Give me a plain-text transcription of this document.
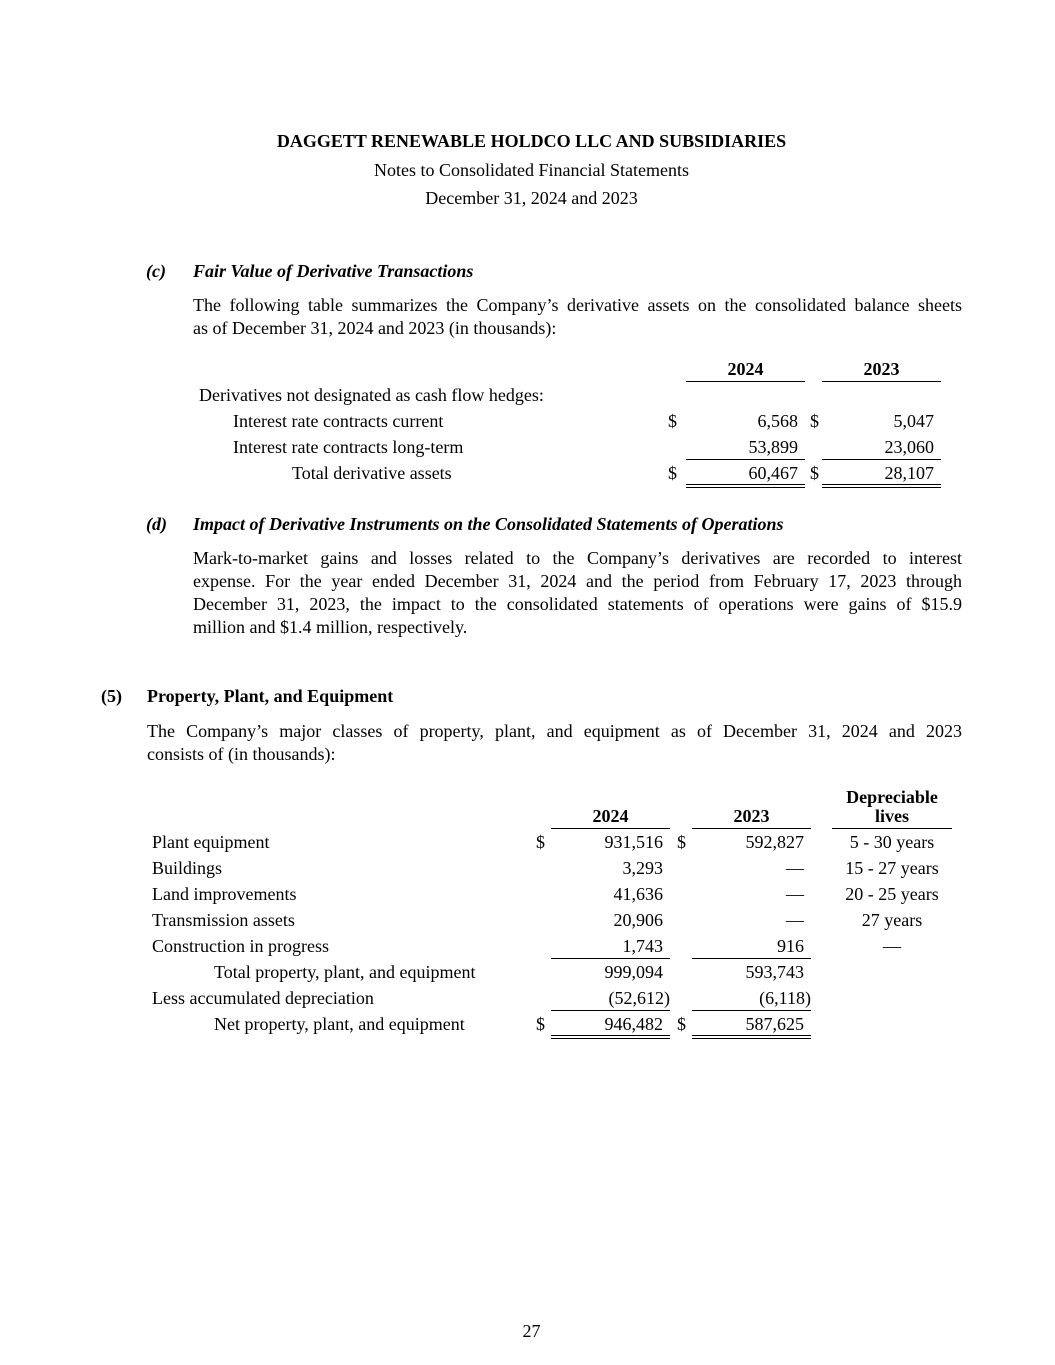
DAGGETT RENEWABLE HOLDCO LLC AND SUBSIDIARIES
Notes to Consolidated Financial Statements
December 31, 2024 and 2023
(c) Fair Value of Derivative Transactions
The following table summarizes the Company’s derivative assets on the consolidated balance sheets
as of December 31, 2024 and 2023 (in thousands):
2024	2023
Derivatives not designated as cash flow hedges:
Interest rate contracts current	$	6,568 $	5,047
Interest rate contracts long-term	53,899	23,060
Total derivative assets	$	60,467 $	28,107
(d) Impact of Derivative Instruments on the Consolidated Statements of Operations
Mark-to-market gains and losses related to the Company’s derivatives are recorded to interest
expense. For the year ended December 31, 2024 and the period from February 17, 2023 through
December 31, 2023, the impact to the consolidated statements of operations were gains of $15.9
million and $1.4 million, respectively.
(5) Property, Plant, and Equipment
The Company’s major classes of property, plant, and equipment as of December 31, 2024 and 2023
consists of (in thousands):
2024	2023
Depreciable
lives
Plant equipment	$	931,516 $	592,827	5 - 30 years
Buildings	3,293	—	15 - 27 years
Land improvements	41,636	—	20 - 25 years
Transmission assets	20,906	—	27 years
Construction in progress	1,743	916	—
Total property, plant, and equipment	999,094	593,743
Less accumulated depreciation	(52,612)	(6,118)
Net property, plant, and equipment	$	946,482 $	587,625
27
